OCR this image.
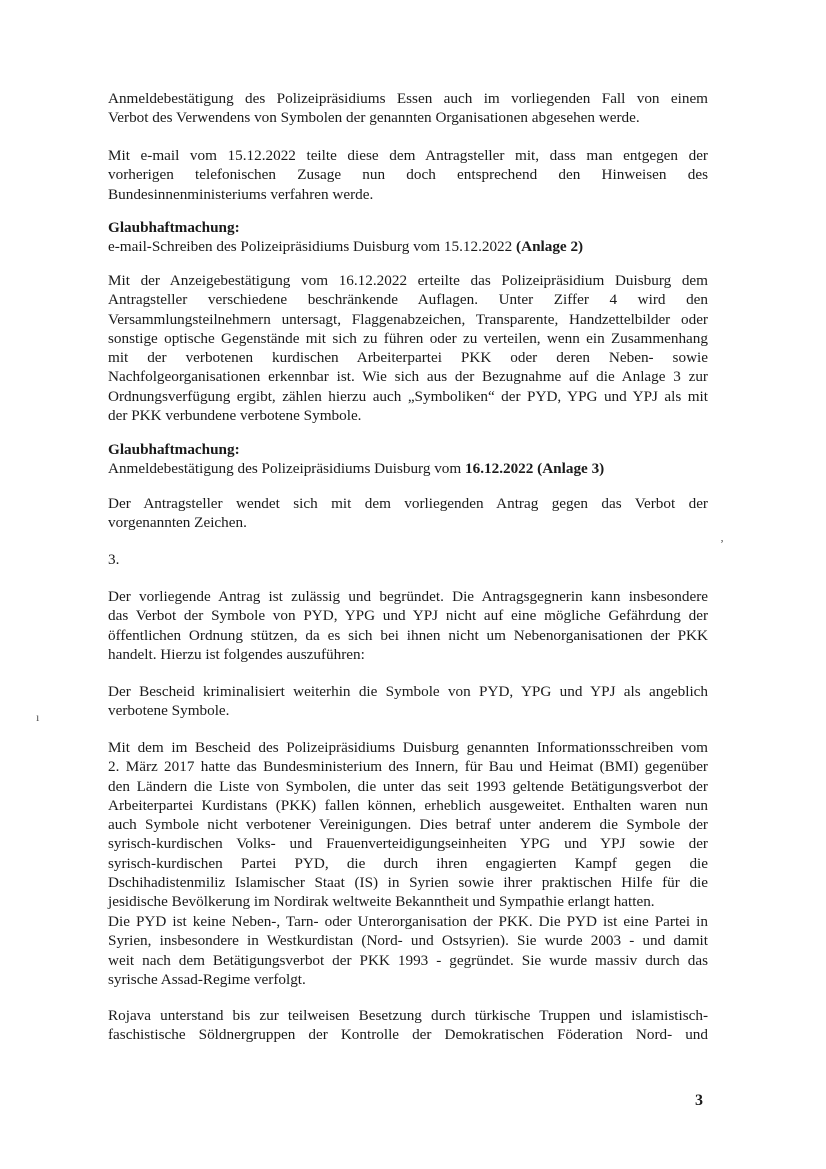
Anmeldebestätigung des Polizeipräsidiums Essen auch im vorliegenden Fall von einem
Verbot des Verwendens von Symbolen der genannten Organisationen abgesehen werde.

Mit e-mail vom 15.12.2022 teilte diese dem Antragsteller mit, dass man entgegen der
vorherigen telefonischen Zusage nun doch entsprechend den Hinweisen des
Bundesinnenministeriums verfahren werde.

Glaubhaftmachung:
e-mail-Schreiben des Polizeipräsidiums Duisburg vom 15.12.2022 (Anlage 2)

Mit der Anzeigebestätigung vom 16.12.2022 erteilte das Polizeipräsidium Duisburg dem
Antragsteller verschiedene beschränkende Auflagen. Unter Ziffer 4 wird den
Versammlungsteilnehmern untersagt, Flaggenabzeichen, Transparente, Handzettelbilder oder
sonstige optische Gegenstände mit sich zu führen oder zu verteilen, wenn ein Zusammenhang
mit der verbotenen kurdischen Arbeiterpartei PKK oder deren Neben- sowie
Nachfolgeorganisationen erkennbar ist. Wie sich aus der Bezugnahme auf die Anlage 3 zur
Ordnungsverfügung ergibt, zählen hierzu auch „Symboliken“ der PYD, YPG und YPJ als mit
der PKK verbundene verbotene Symbole.

Glaubhaftmachung:
Anmeldebestätigung des Polizeipräsidiums Duisburg vom 16.12.2022 (Anlage 3)

Der Antragsteller wendet sich mit dem vorliegenden Antrag gegen das Verbot der
vorgenannten Zeichen.

3.

Der vorliegende Antrag ist zulässig und begründet. Die Antragsgegnerin kann insbesondere
das Verbot der Symbole von PYD, YPG und YPJ nicht auf eine mögliche Gefährdung der
öffentlichen Ordnung stützen, da es sich bei ihnen nicht um Nebenorganisationen der PKK
handelt. Hierzu ist folgendes auszuführen:

Der Bescheid kriminalisiert weiterhin die Symbole von PYD, YPG und YPJ als angeblich
verbotene Symbole.

Mit dem im Bescheid des Polizeipräsidiums Duisburg genannten Informationsschreiben vom
2. März 2017 hatte das Bundesministerium des Innern, für Bau und Heimat (BMI) gegenüber
den Ländern die Liste von Symbolen, die unter das seit 1993 geltende Betätigungsverbot der
Arbeiterpartei Kurdistans (PKK) fallen können, erheblich ausgeweitet. Enthalten waren nun
auch Symbole nicht verbotener Vereinigungen. Dies betraf unter anderem die Symbole der
syrisch-kurdischen Volks- und Frauenverteidigungseinheiten YPG und YPJ sowie der
syrisch-kurdischen Partei PYD, die durch ihren engagierten Kampf gegen die
Dschihadistenmiliz Islamischer Staat (IS) in Syrien sowie ihrer praktischen Hilfe für die
jesidische Bevölkerung im Nordirak weltweite Bekanntheit und Sympathie erlangt hatten.

Die PYD ist keine Neben-, Tarn- oder Unterorganisation der PKK. Die PYD ist eine Partei in
Syrien, insbesondere in Westkurdistan (Nord- und Ostsyrien). Sie wurde 2003 - und damit
weit nach dem Betätigungsverbot der PKK 1993 - gegründet. Sie wurde massiv durch das
syrische Assad-Regime verfolgt.

Rojava unterstand bis zur teilweisen Besetzung durch türkische Truppen und islamistisch-
faschistische Söldnergruppen der Kontrolle der Demokratischen Föderation Nord- und

ʼ
ı
3
